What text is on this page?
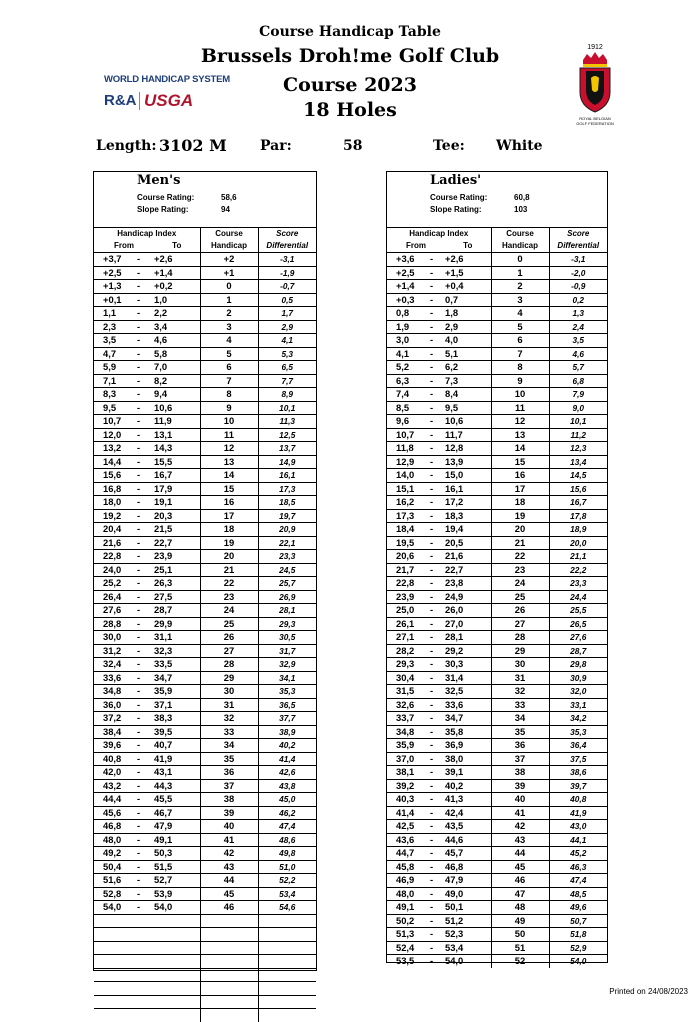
Course Handicap Table
Brussels Droh!me Golf Club
Course 2023
18 Holes
WORLD HANDICAP SYSTEM
R&A USGA
1912
ROYAL BELGIAN
GOLF FEDERATION
Length: 3102 M Par:	58	Tee: White
Men's
Course Rating:	58,6
Slope Rating:	94
Handicap Index		Course	Score
From	To	Handicap	Differential
+3,7 -	+2,6	+2	-3,1
+2,5 -	+1,4	+1	-1,9
+1,3 -	+0,2	0	-0,7
+0,1 -	1,0	1	0,5
1,1 -	2,2	2	1,7
2,3 -	3,4	3	2,9
3,5 -	4,6	4	4,1
4,7 -	5,8	5	5,3
5,9 -	7,0	6	6,5
7,1 -	8,2	7	7,7
8,3 -	9,4	8	8,9
9,5 -	10,6	9	10,1
10,7 -	11,9	10	11,3
12,0 -	13,1	11	12,5
13,2 -	14,3	12	13,7
14,4 -	15,5	13	14,9
15,6 -	16,7	14	16,1
16,8 -	17,9	15	17,3
18,0 -	19,1	16	18,5
19,2 -	20,3	17	19,7
20,4 -	21,5	18	20,9
21,6 -	22,7	19	22,1
22,8 -	23,9	20	23,3
24,0 -	25,1	21	24,5
25,2 -	26,3	22	25,7
26,4 -	27,5	23	26,9
27,6 -	28,7	24	28,1
28,8 -	29,9	25	29,3
30,0 -	31,1	26	30,5
31,2 -	32,3	27	31,7
32,4 -	33,5	28	32,9
33,6 -	34,7	29	34,1
34,8 -	35,9	30	35,3
36,0 -	37,1	31	36,5
37,2 -	38,3	32	37,7
38,4 -	39,5	33	38,9
39,6 -	40,7	34	40,2
40,8 -	41,9	35	41,4
42,0 -	43,1	36	42,6
43,2 -	44,3	37	43,8
44,4 -	45,5	38	45,0
45,6 -	46,7	39	46,2
46,8 -	47,9	40	47,4
48,0 -	49,1	41	48,6
49,2 -	50,3	42	49,8
50,4 -	51,5	43	51,0
51,6 -	52,7	44	52,2
52,8 -	53,9	45	53,4
54,0 -	54,0	46	54,6

Ladies'
Course Rating:	60,8
Slope Rating:	103
Handicap Index		Course	Score
From	To	Handicap	Differential
+3,6 -	+2,6	0	-3,1
+2,5 -	+1,5	1	-2,0
+1,4 -	+0,4	2	-0,9
+0,3 -	0,7	3	0,2
0,8 -	1,8	4	1,3
1,9 -	2,9	5	2,4
3,0 -	4,0	6	3,5
4,1 -	5,1	7	4,6
5,2 -	6,2	8	5,7
6,3 -	7,3	9	6,8
7,4 -	8,4	10	7,9
8,5 -	9,5	11	9,0
9,6 -	10,6	12	10,1
10,7 -	11,7	13	11,2
11,8 -	12,8	14	12,3
12,9 -	13,9	15	13,4
14,0 -	15,0	16	14,5
15,1 -	16,1	17	15,6
16,2 -	17,2	18	16,7
17,3 -	18,3	19	17,8
18,4 -	19,4	20	18,9
19,5 -	20,5	21	20,0
20,6 -	21,6	22	21,1
21,7 -	22,7	23	22,2
22,8 -	23,8	24	23,3
23,9 -	24,9	25	24,4
25,0 -	26,0	26	25,5
26,1 -	27,0	27	26,5
27,1 -	28,1	28	27,6
28,2 -	29,2	29	28,7
29,3 -	30,3	30	29,8
30,4 -	31,4	31	30,9
31,5 -	32,5	32	32,0
32,6 -	33,6	33	33,1
33,7 -	34,7	34	34,2
34,8 -	35,8	35	35,3
35,9 -	36,9	36	36,4
37,0 -	38,0	37	37,5
38,1 -	39,1	38	38,6
39,2 -	40,2	39	39,7
40,3 -	41,3	40	40,8
41,4 -	42,4	41	41,9
42,5 -	43,5	42	43,0
43,6 -	44,6	43	44,1
44,7 -	45,7	44	45,2
45,8 -	46,8	45	46,3
46,9 -	47,9	46	47,4
48,0 -	49,0	47	48,5
49,1 -	50,1	48	49,6
50,2 -	51,2	49	50,7
51,3 -	52,3	50	51,8
52,4 -	53,4	51	52,9
53,5 -	54,0	52	54,0
Printed on 24/08/2023
